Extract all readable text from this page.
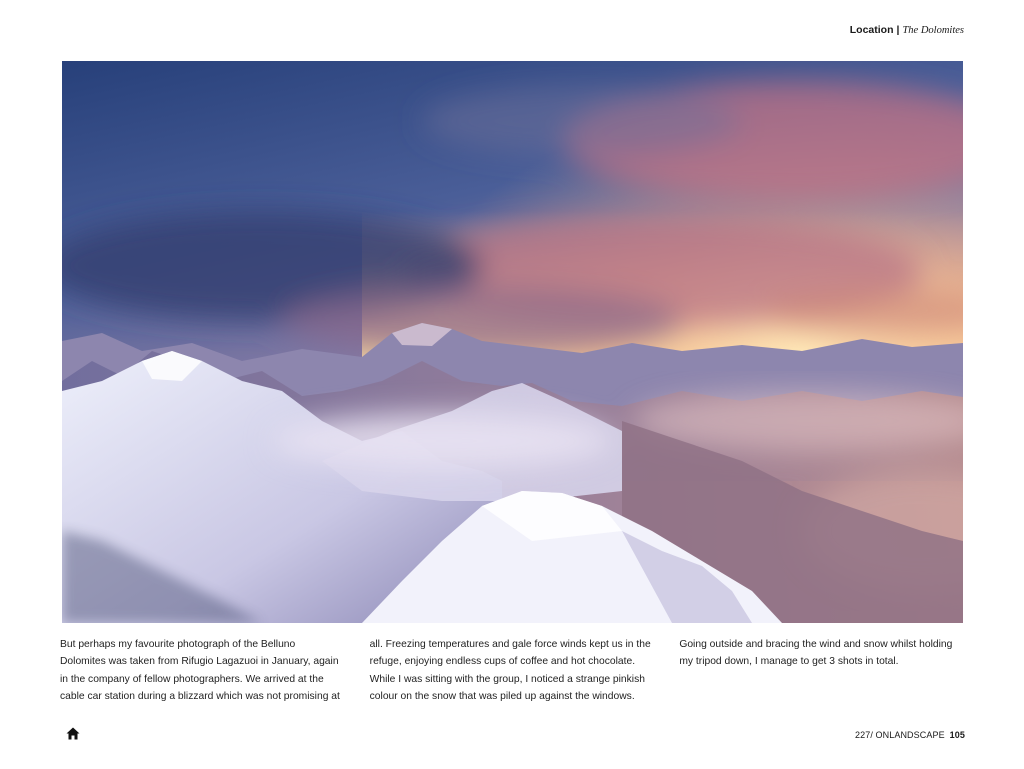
Location | The Dolomites

But perhaps my favourite photograph of the Belluno Dolomites was taken from Rifugio Lagazuoi in January, again in the company of fellow photographers. We arrived at the cable car station during a blizzard which was not promising at all. Freezing temperatures and gale force winds kept us in the refuge, enjoying endless cups of coffee and hot chocolate. While I was sitting with the group, I noticed a strange pinkish colour on the snow that was piled up against the windows. Going outside and bracing the wind and snow whilst holding my tripod down, I manage to get 3 shots in total.

227/ ONLANDSCAPE 105
